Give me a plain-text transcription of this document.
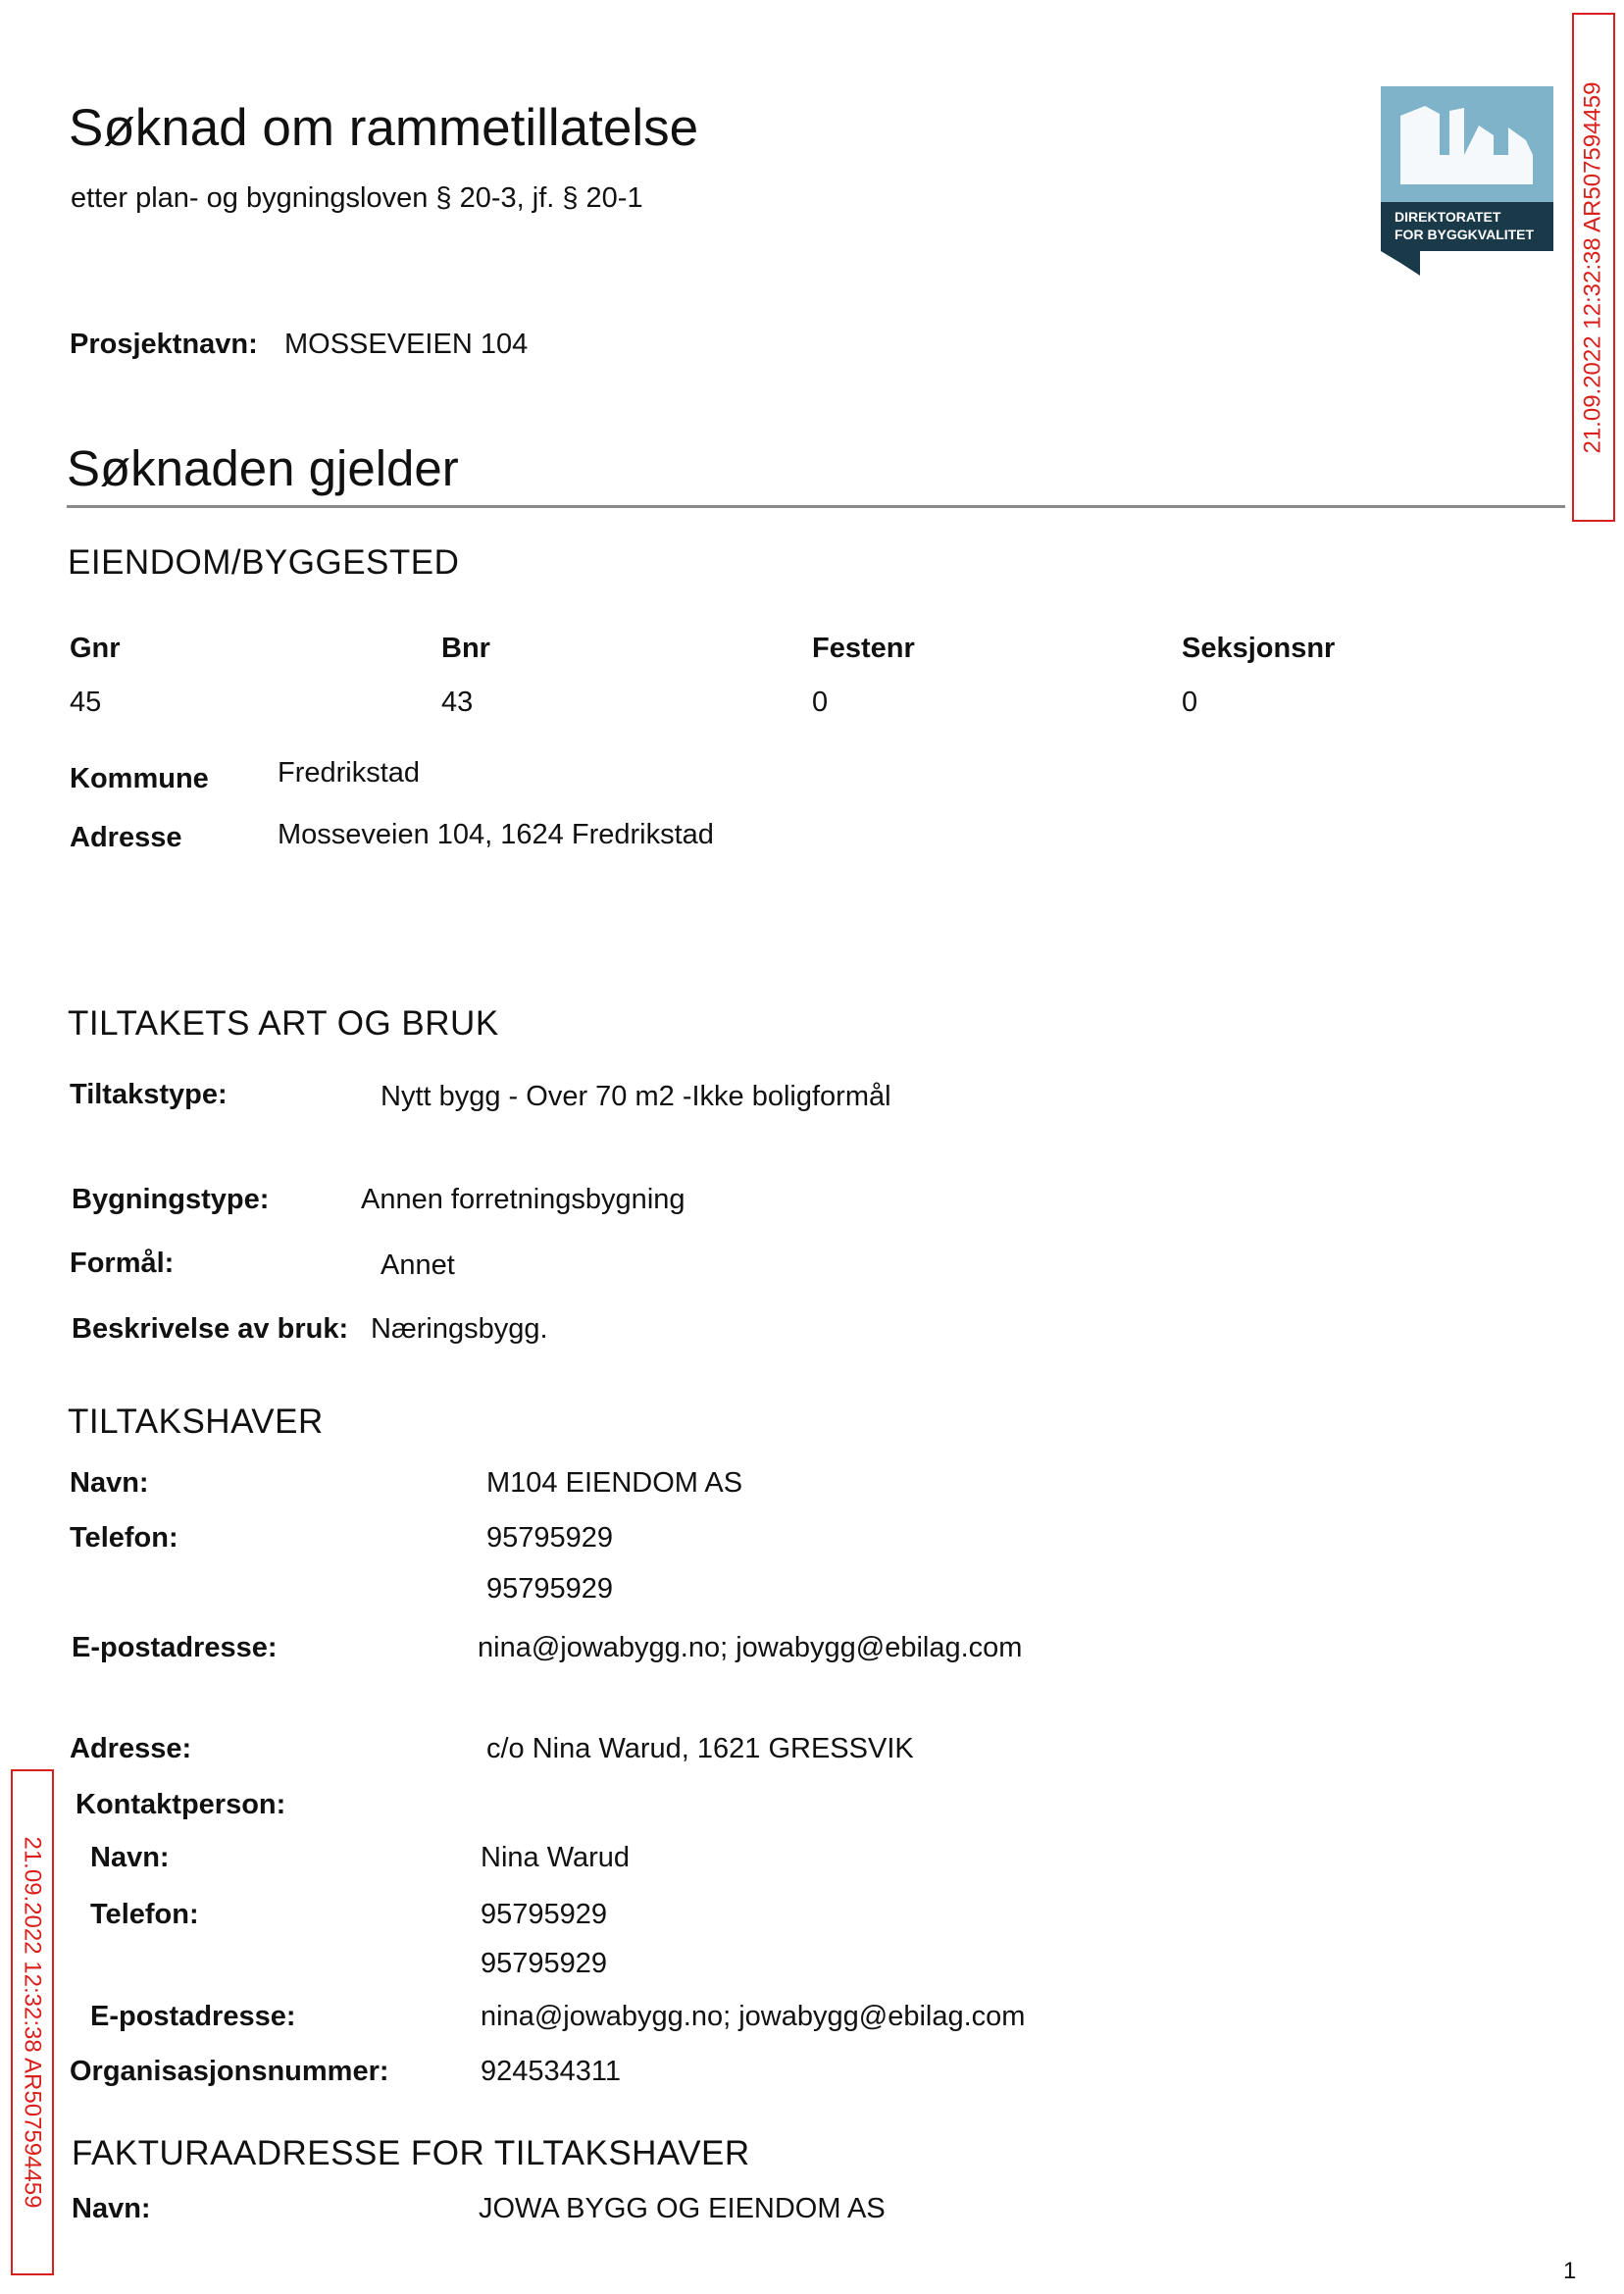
Søknad om rammetillatelse
etter plan- og bygningsloven § 20-3, jf. § 20-1
DIREKTORATET
FOR BYGGKVALITET 21.09.2022 12:32:38 AR507594459
21.09.2022 12:32:38 AR507594459
Prosjektnavn: MOSSEVEIEN 104
Søknaden gjelder
EIENDOM/BYGGESTED
Gnr	Bnr	Festenr	Seksjonsnr
45	43	0	0
Kommune Fredrikstad
Adresse	Mosseveien 104, 1624 Fredrikstad
TILTAKETS ART OG BRUK
Tiltakstype:	Nytt bygg - Over 70 m2 -Ikke boligformål
Bygningstype:	Annen forretningsbygning
Formål:	Annet
Beskrivelse av bruk: Næringsbygg.
TILTAKSHAVER
Navn:	M104 EIENDOM AS
Telefon:	95795929
95795929
E-postadresse:	nina@jowabygg.no; jowabygg@ebilag.com
Adresse:	c/o Nina Warud, 1621 GRESSVIK
Kontaktperson:
Navn:	Nina Warud
Telefon:	95795929
95795929
E-postadresse:	nina@jowabygg.no; jowabygg@ebilag.com
Organisasjonsnummer:	924534311
FAKTURAADRESSE FOR TILTAKSHAVER
Navn:	JOWA BYGG OG EIENDOM AS
1
